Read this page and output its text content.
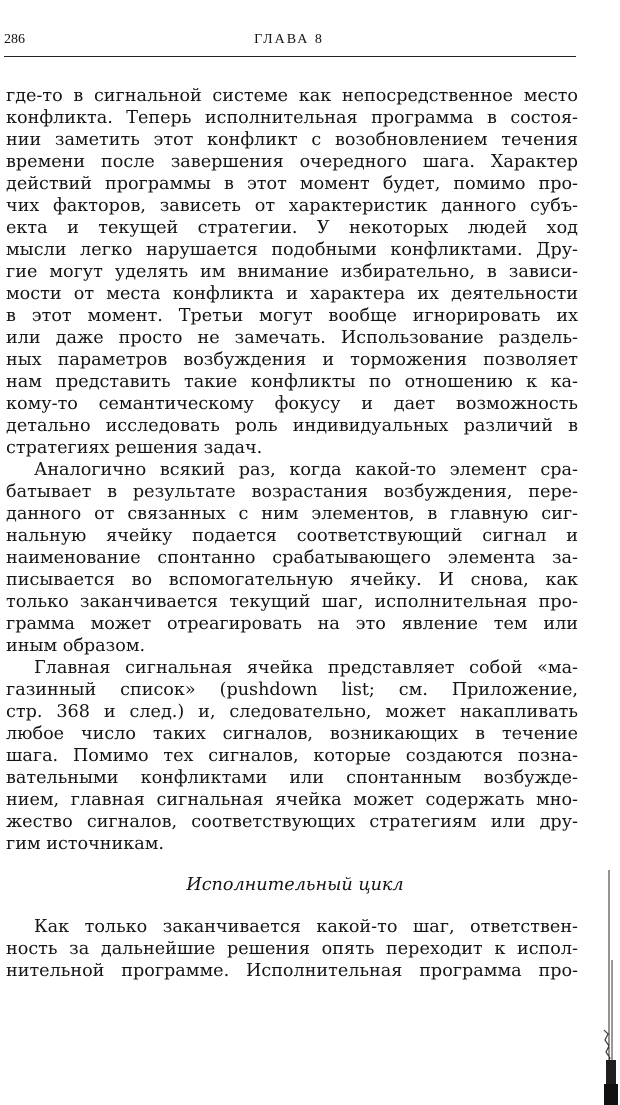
286	ГЛАВА 8
где-то в сигнальной системе как непосредственное место
конфликта. Теперь исполнительная программа в состоя-
нии заметить этот конфликт с возобновлением течения
времени после завершения очередного шага. Характер
действий программы в этот момент будет, помимо про-
чих факторов, зависеть от характеристик данного субъ-
екта и текущей стратегии. У некоторых людей ход
мысли легко нарушается подобными конфликтами. Дру-
гие могут уделять им внимание избирательно, в зависи-
мости от места конфликта и характера их деятельности
в этот момент. Третьи могут вообще игнорировать их
или даже просто не замечать. Использование раздель-
ных параметров возбуждения и торможения позволяет
нам представить такие конфликты по отношению к ка-
кому-то семантическому фокусу и дает возможность
детально исследовать роль индивидуальных различий в
стратегиях решения задач.
Аналогично всякий раз, когда какой-то элемент сра-
батывает в результате возрастания возбуждения, пере-
данного от связанных с ним элементов, в главную сиг-
нальную ячейку подается соответствующий сигнал и
наименование спонтанно срабатывающего элемента за-
писывается во вспомогательную ячейку. И снова, как
только заканчивается текущий шаг, исполнительная про-
грамма может отреагировать на это явление тем или
иным образом.
Главная сигнальная ячейка представляет собой «ма-
газинный список» (pushdown list; см. Приложение,
стр. 368 и след.) и, следовательно, может накапливать
любое число таких сигналов, возникающих в течение
шага. Помимо тех сигналов, которые создаются позна-
вательными конфликтами или спонтанным возбужде-
нием, главная сигнальная ячейка может содержать мно-
жество сигналов, соответствующих стратегиям или дру-
гим источникам.
Исполнительный цикл
Как только заканчивается какой-то шаг, ответствен-
ность за дальнейшие решения опять переходит к испол-
нительной программе. Исполнительная программа про-
